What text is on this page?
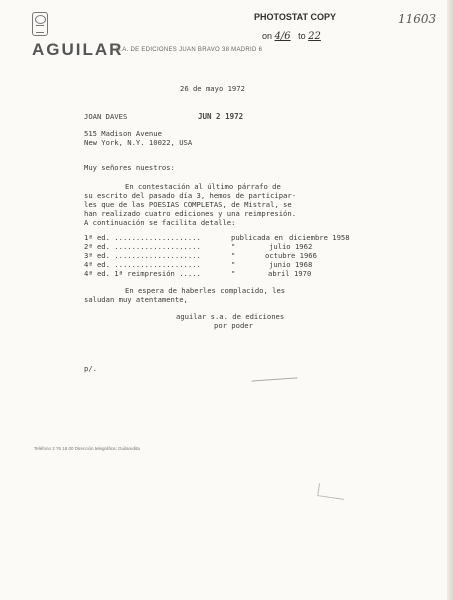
AGUILAR
S.A. DE EDICIONES JUAN BRAVO 38 MADRID 6
PHOTOSTAT COPY
on 4/6 to 22
11603
26 de mayo 1972
JOAN DAVES	JUN 2 1972
515 Madison Avenue
New York, N.Y. 10022, USA
Muy señores nuestros:
En contestación al último párrafo de
su escrito del pasado día 3, hemos de participar-
les que de las POESIAS COMPLETAS, de Mistral, se
han realizado cuatro ediciones y una reimpresión.
A continuación se facilita detalle:
1ª ed. ....................	publicada en diciembre 1958
2ª ed. ....................	"	julio 1962
3ª ed. ....................	"	octubre 1966
4ª ed. ....................	"	junio 1968
4ª ed. 1ª reimpresión .....	"	abril 1970
En espera de haberles complacido, les
saludan muy atentamente,
aguilar s.a. de ediciones
por poder
p/.
Teléfono 2 76 18 00 Dirección telegráfica: Guilaredita
